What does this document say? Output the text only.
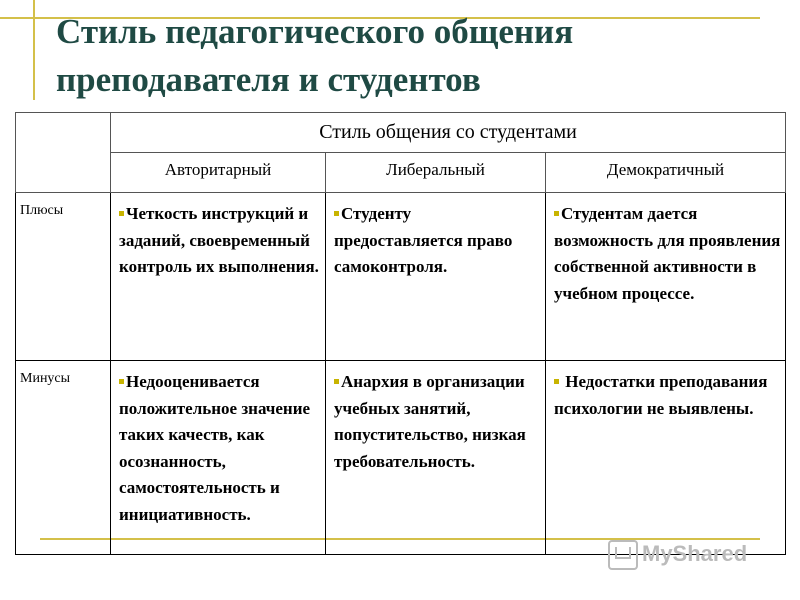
Стиль педагогического общения
преподавателя и студентов
	Стиль общения со студентами		
	Авторитарный	Либеральный	Демократичный
Плюсы	Четкость инструкций и заданий, своевременный контроль их выполнения.	Студенту предоставляется право самоконтроля.	Студентам дается возможность для проявления собственной активности в учебном процессе.
Минусы	Недооценивается положительное значение таких качеств, как осознанность, самостоятельность и инициативность.	Анархия в организации учебных занятий, попустительство, низкая требовательность.	Недостатки преподавания психологии не выявлены.
MyShared
